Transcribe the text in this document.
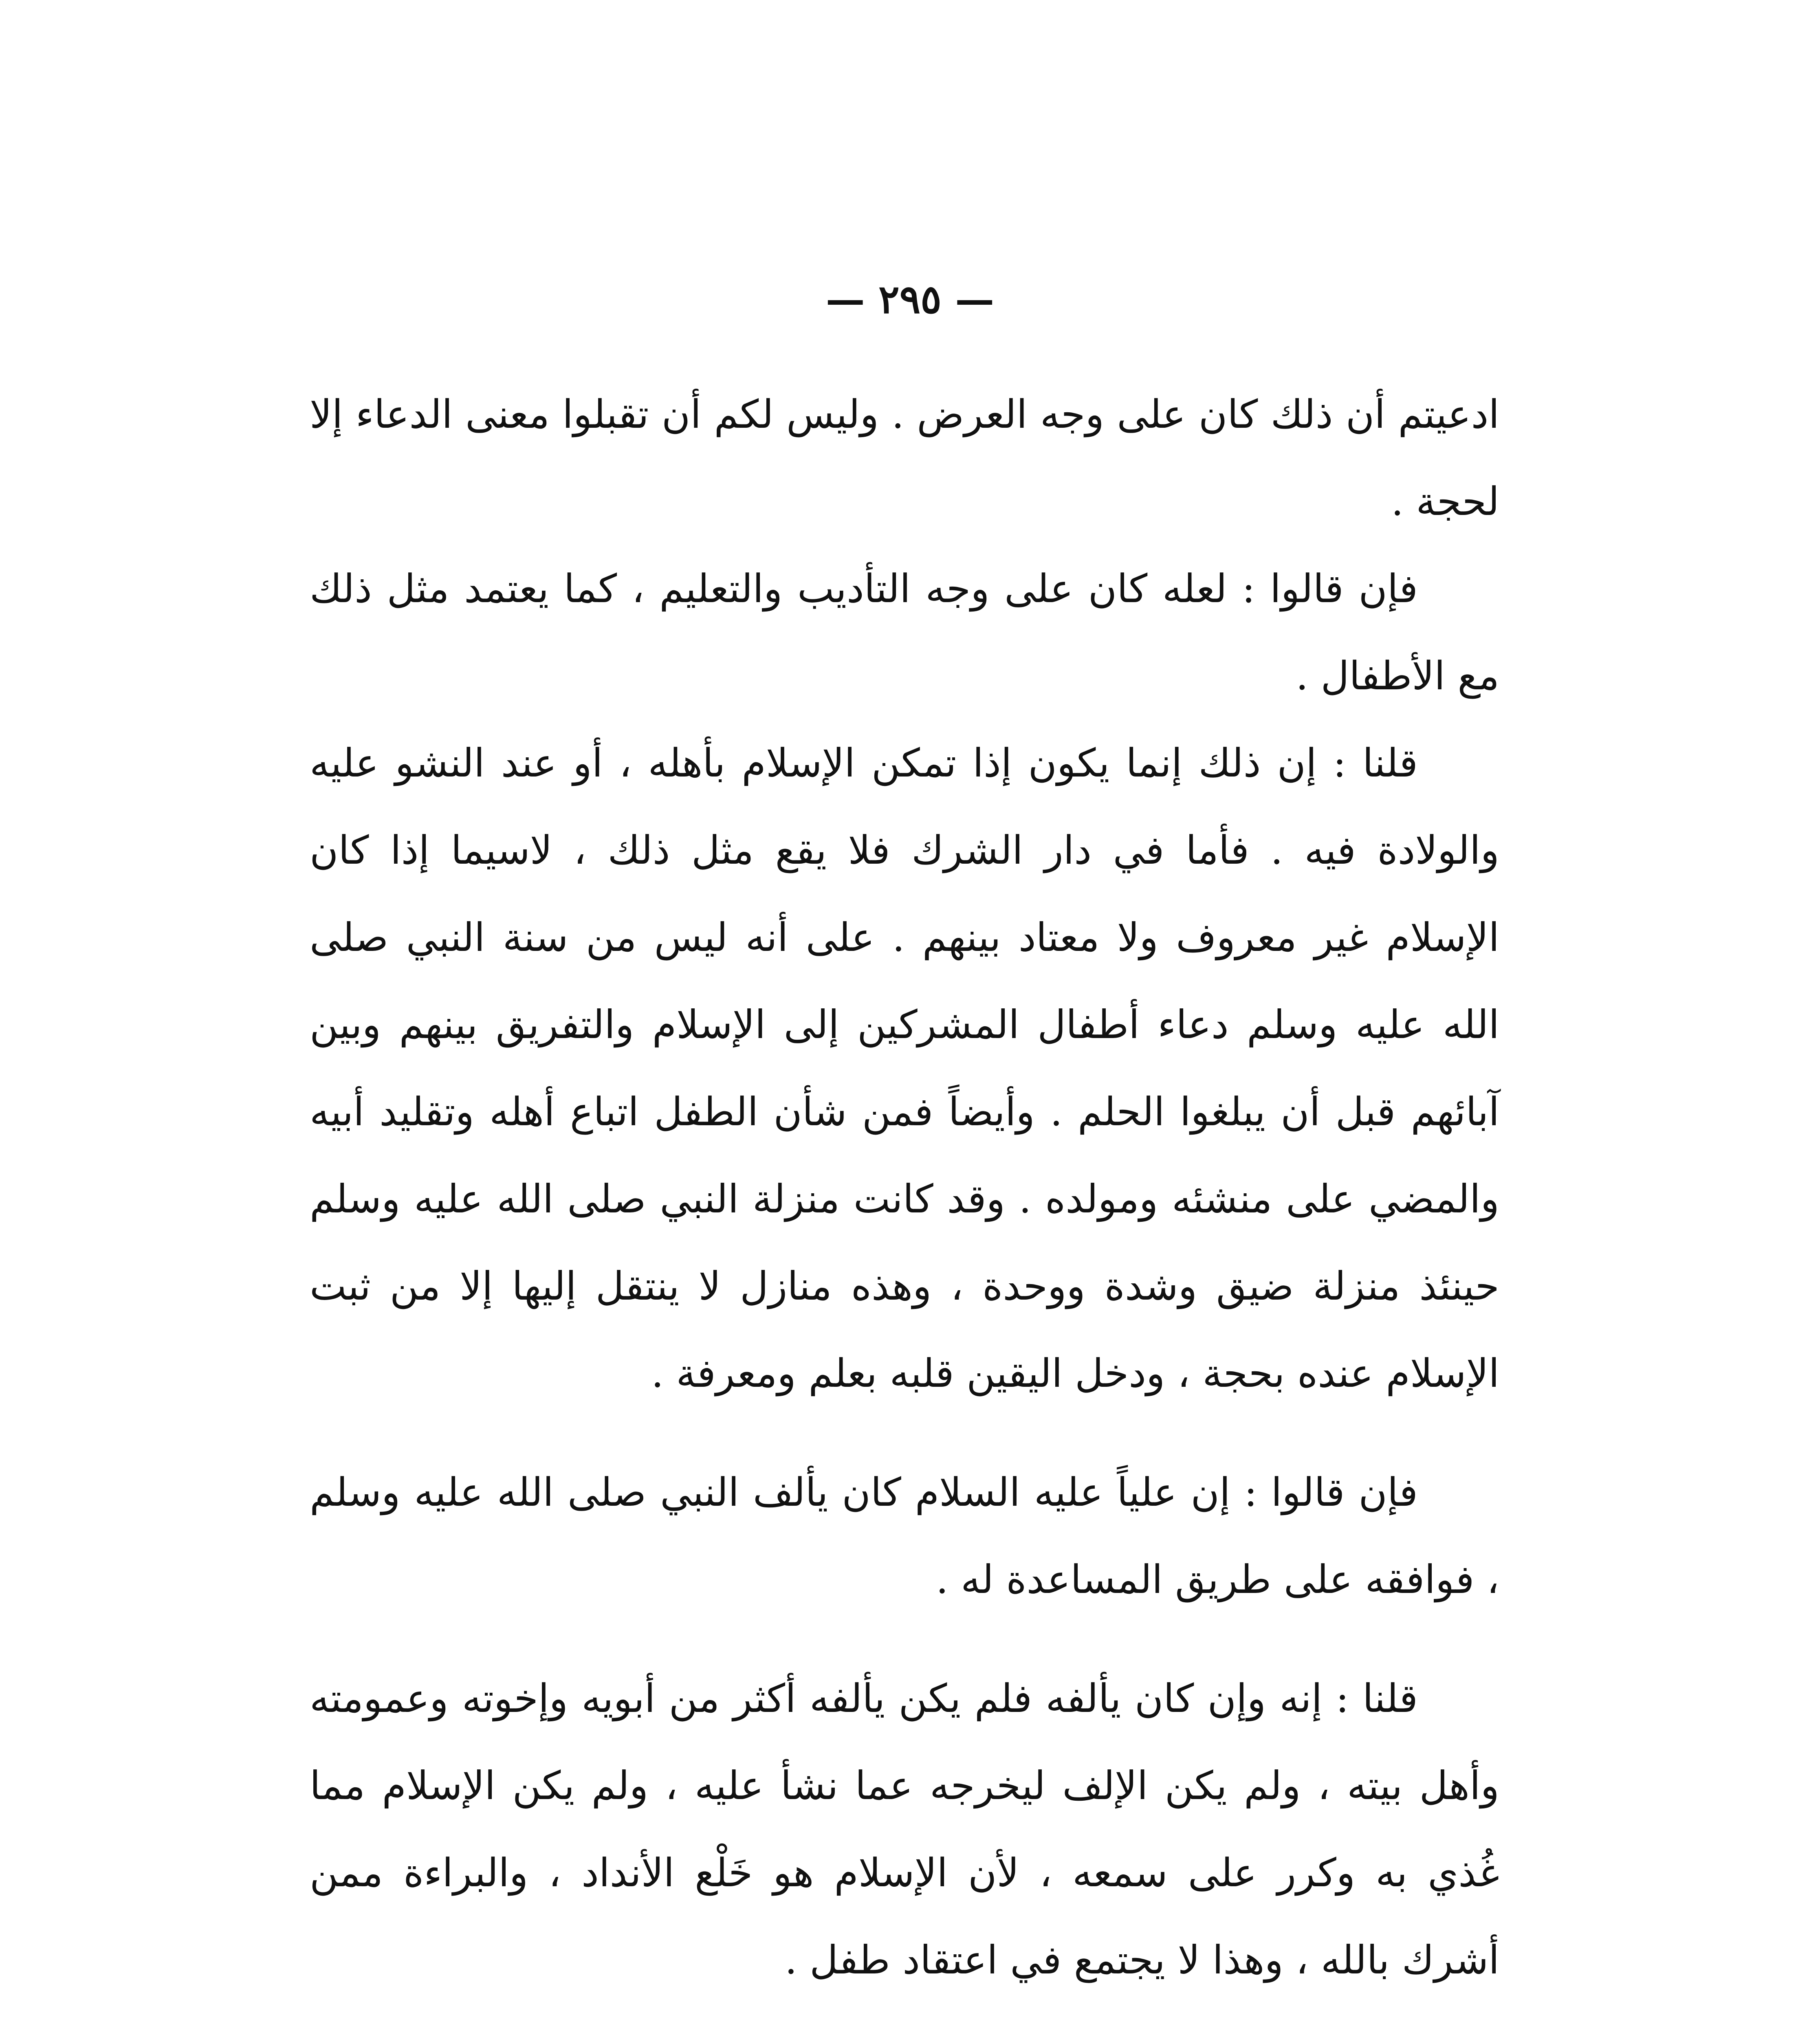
— ٢٩٥ —

ادعيتم أن ذلك كان على وجه العرض . وليس لكم أن تقبلوا معنى الدعاء إلا لحجة .

فإن قالوا : لعله كان على وجه التأديب والتعليم ، كما يعتمد مثل ذلك مع الأطفال .

قلنا : إن ذلك إنما يكون إذا تمكن الإسلام بأهله ، أو عند النشو عليه والولادة فيه . فأما في دار الشرك فلا يقع مثل ذلك ، لاسيما إذا كان الإسلام غير معروف ولا معتاد بينهم . على أنه ليس من سنة النبي صلى الله عليه وسلم دعاء أطفال المشركين إلى الإسلام والتفريق بينهم وبين آبائهم قبل أن يبلغوا الحلم . وأيضاً فمن شأن الطفل اتباع أهله وتقليد أبيه والمضي على منشئه ومولده . وقد كانت منزلة النبي صلى الله عليه وسلم حينئذ منزلة ضيق وشدة ووحدة ، وهذه منازل لا ينتقل إليها إلا من ثبت الإسلام عنده بحجة ، ودخل اليقين قلبه بعلم ومعرفة .

فإن قالوا : إن علياً عليه السلام كان يألف النبي صلى الله عليه وسلم ، فوافقه على طريق المساعدة له .

قلنا : إنه وإن كان يألفه فلم يكن يألفه أكثر من أبويه وإخوته وعمومته وأهل بيته ، ولم يكن الإلف ليخرجه عما نشأ عليه ، ولم يكن الإسلام مما غُذي به وكرر على سمعه ، لأن الإسلام هو خَلْع الأنداد ، والبراءة ممن أشرك بالله ، وهذا لا يجتمع في اعتقاد طفل .
